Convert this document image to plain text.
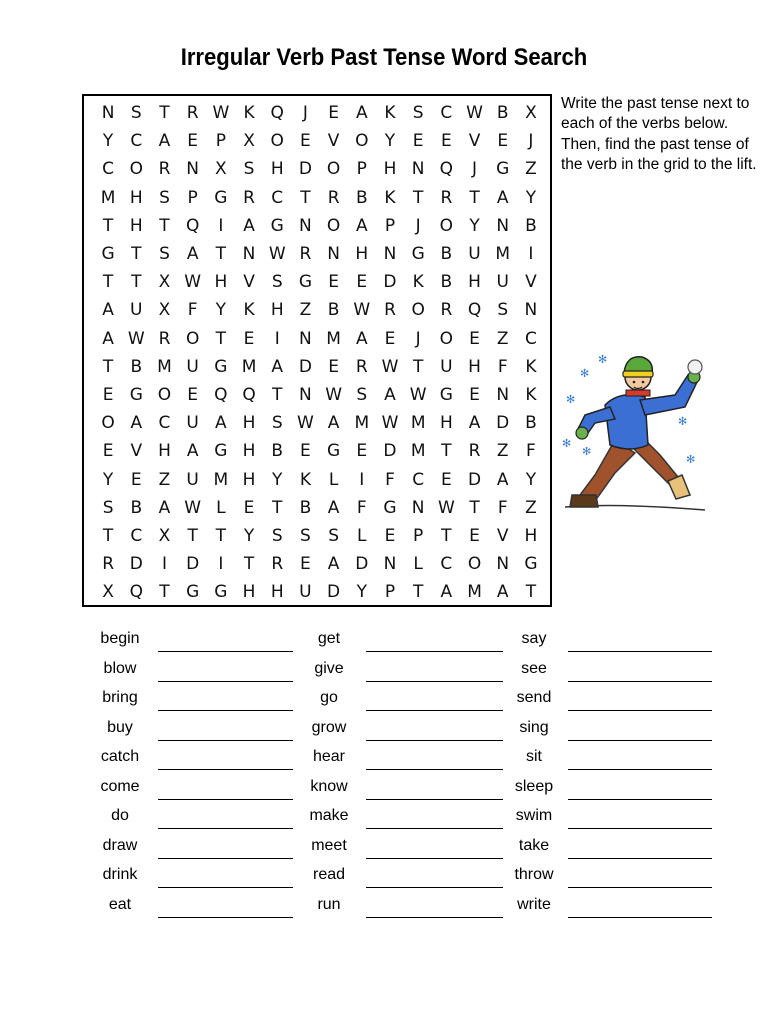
Irregular Verb Past Tense Word Search
N S	T	R W K Q	J	E A K	S C W B X
Y	C A	E	P	X O E V O Y	E	E V	E	J
C O R N X S H D O P H N Q	J	G Z
M H S	P G R C	T	R B K	T	R	T	A	Y
T H T Q	I	A G N O A	P	J	O Y N B
G T	S A	T N W R N H N G B U M	I
T	T	X W H V S G E	E D K B H U V
A U X	F	Y	K H Z B W R O R Q S N
A W R O T	E	I	N M A	E	J	O E Z C
T	B M U G M A D E R W T U H F	K
E G O E Q Q T N W S A W G E N K
O A C U A H S W A M W M H A D B
E V H A G H B E G E D M T	R Z	F
Y	E Z U M H Y	K	L	I	F	C E D A	Y
S B A W L	E	T	B A	F G N W T	F	Z
T	C X	T	T	Y	S	S	S	L	E	P	T	E V H
R D	I	D	I	T	R E A D N	L	C O N G
X Q T G G H H U D Y	P	T	A M A	T
Write the past tense next to each of the verbs below. Then, find the past tense of the verb in the grid to the lift.
✻
✻
✻
✻
✻
✻
✻
begin	get	say
blow	give	see
bring	go	send
buy	grow	sing
catch	hear	sit
come	know	sleep
do	make	swim
draw	meet	take
drink	read	throw
eat	run	write
